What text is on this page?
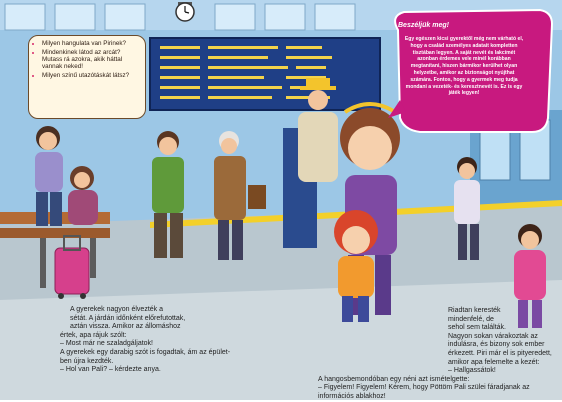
• Milyen hangulata van Pirinek?
• Mindenkinek látod az arcát? Mutass rá azokra, akik háttal vannak neked!
• Milyen színű utazótáskát látsz?
Beszéljük meg!
Egy egészen kicsi gyerektől még nem várható el, hogy a család személyes adatait kompletten tisztában legyen. A saját nevét és lakcímét azonban érdemes vele minél korábban megtanítani, hiszen bármikor kerülhet olyan helyzetbe, amikor az biztonságot nyújthat számára. Fontos, hogy a gyermek meg tudja mondani a vezeték- és keresztnevét is. Ez is egy játék legyen!

A gyerekek nagyon élvezték a

sétát. A járdán időnként előrefutottak,

aztán vissza. Amikor az állomáshoz

értek, apa rájuk szólt:

– Most már ne szaladgáljatok!

A gyerekek egy darabig szót is fogadtak, ám az épület-

ben újra kezdték.

– Hol van Pali? – kérdezte anya.

Riadtan keresték

mindenfelé, de

sehol sem találták.

Nagyon sokan várakoztak az

indulásra, és bizony sok ember

érkezett. Piri már el is pityeredett,

amikor apa felemelte a kezét:

– Hallgassátok!

A hangosbemondóban egy néni azt ismételgette:

– Figyelem! Figyelem! Kérem, hogy Pöttöm Pali szülei fáradjanak az

információs ablakhoz!
